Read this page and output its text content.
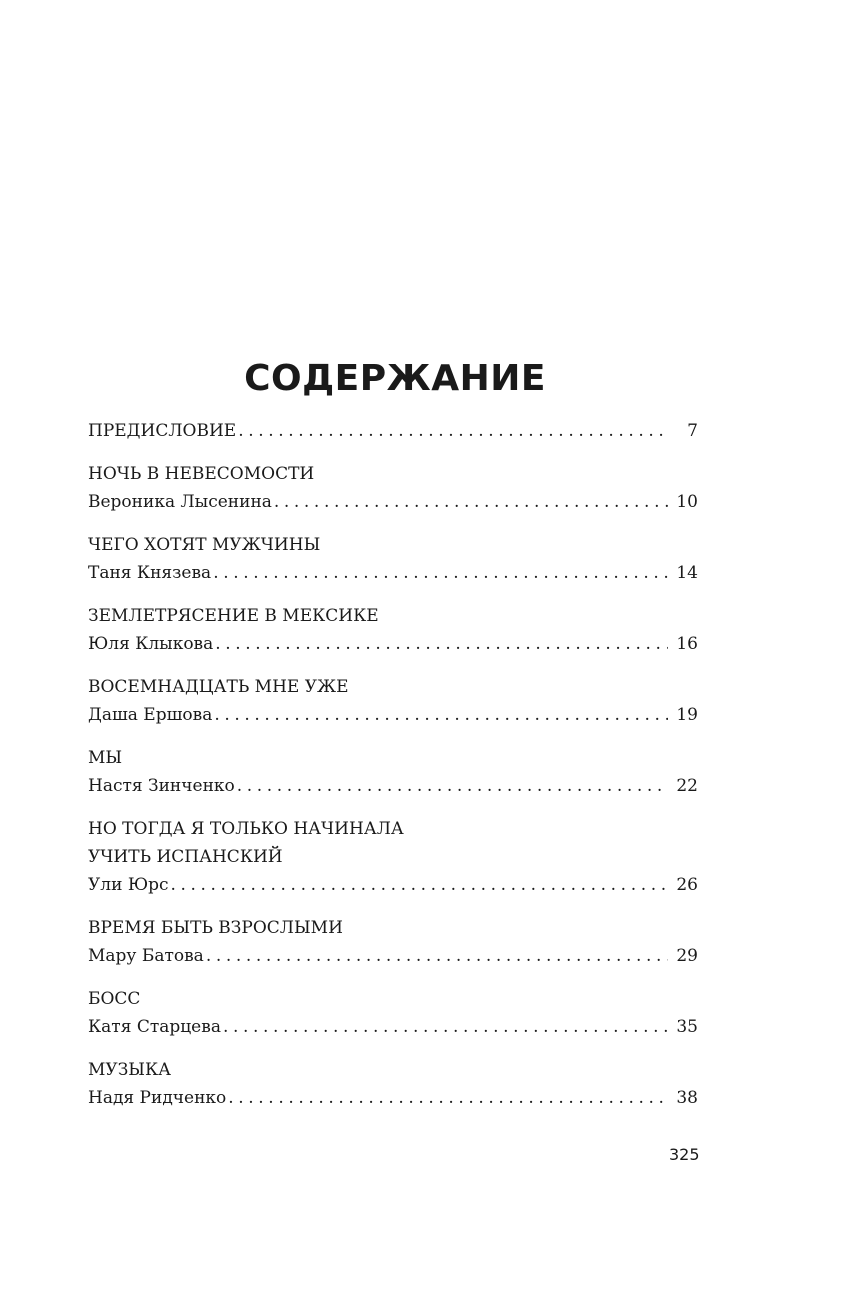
СОДЕРЖАНИЕ
ПРЕДИСЛОВИЕ .....	7
НОЧЬ В НЕВЕСОМОСТИ
Вероника Лысенина .....	10
ЧЕГО ХОТЯТ МУЖЧИНЫ
Таня Князева .....	14
ЗЕМЛЕТРЯСЕНИЕ В МЕКСИКЕ
Юля Клыкова .....	16
ВОСЕМНАДЦАТЬ МНЕ УЖЕ
Даша Ершова .....	19
МЫ
Настя Зинченко .....	22
НО ТОГДА Я ТОЛЬКО НАЧИНАЛА
УЧИТЬ ИСПАНСКИЙ
Ули Юрс .....	26
ВРЕМЯ БЫТЬ ВЗРОСЛЫМИ
Мару Батова .....	29
БОСС
Катя Старцева .....	35
МУЗЫКА
Надя Ридченко .....	38
325
